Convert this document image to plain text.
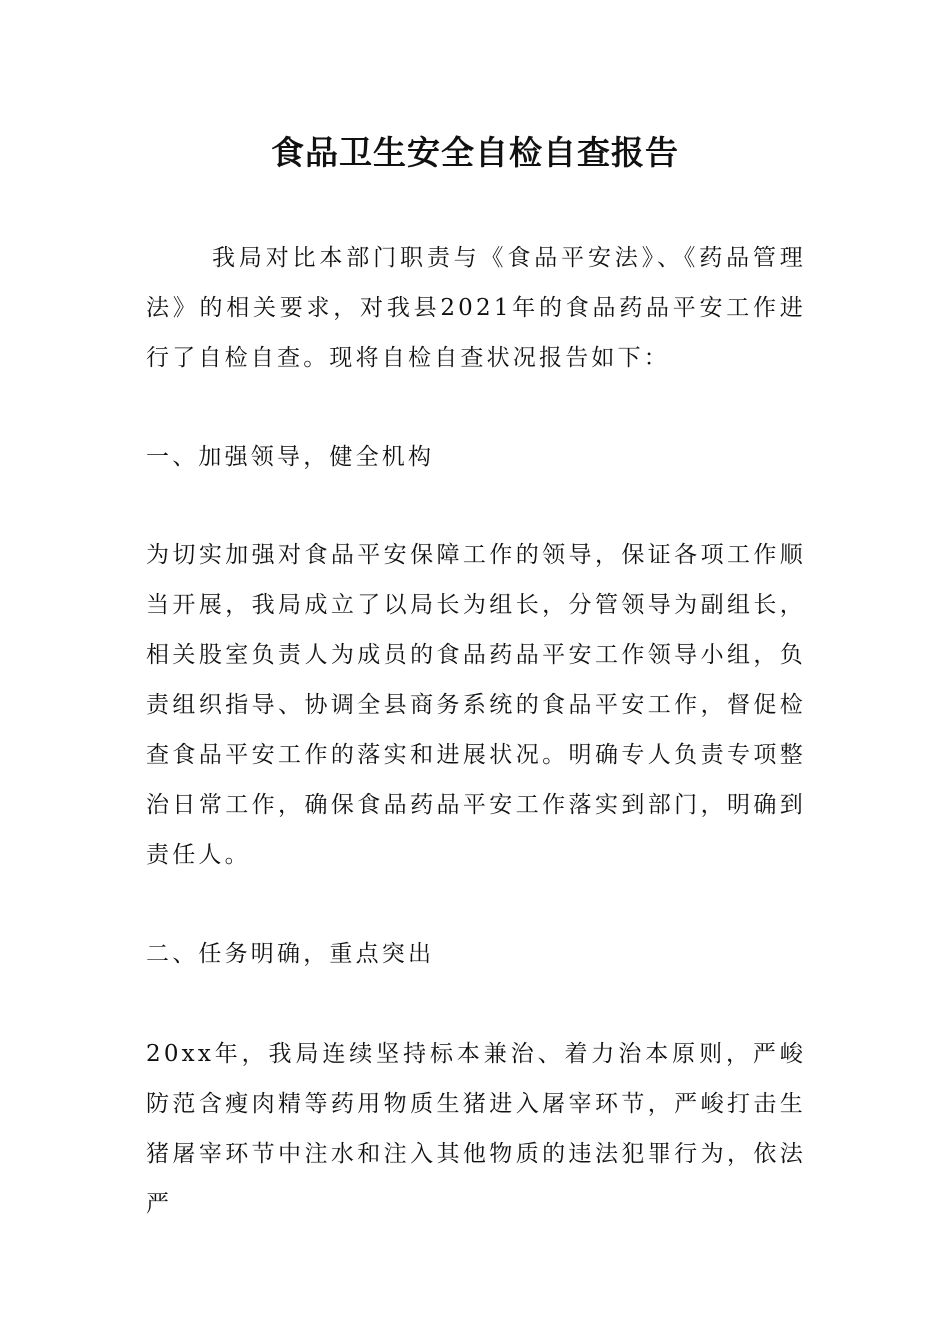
食品卫生安全自检自查报告

我局对比本部门职责与《食品平安法》、《药品管理法》的相关要求，对我县2021年的食品药品平安工作进行了自检自查。现将自检自查状况报告如下：

一、加强领导，健全机构

为切实加强对食品平安保障工作的领导，保证各项工作顺当开展，我局成立了以局长为组长，分管领导为副组长，相关股室负责人为成员的食品药品平安工作领导小组，负责组织指导、协调全县商务系统的食品平安工作，督促检查食品平安工作的落实和进展状况。明确专人负责专项整治日常工作，确保食品药品平安工作落实到部门，明确到责任人。

二、任务明确，重点突出

20xx年，我局连续坚持标本兼治、着力治本原则，严峻防范含瘦肉精等药用物质生猪进入屠宰环节，严峻打击生猪屠宰环节中注水和注入其他物质的违法犯罪行为，依法严
